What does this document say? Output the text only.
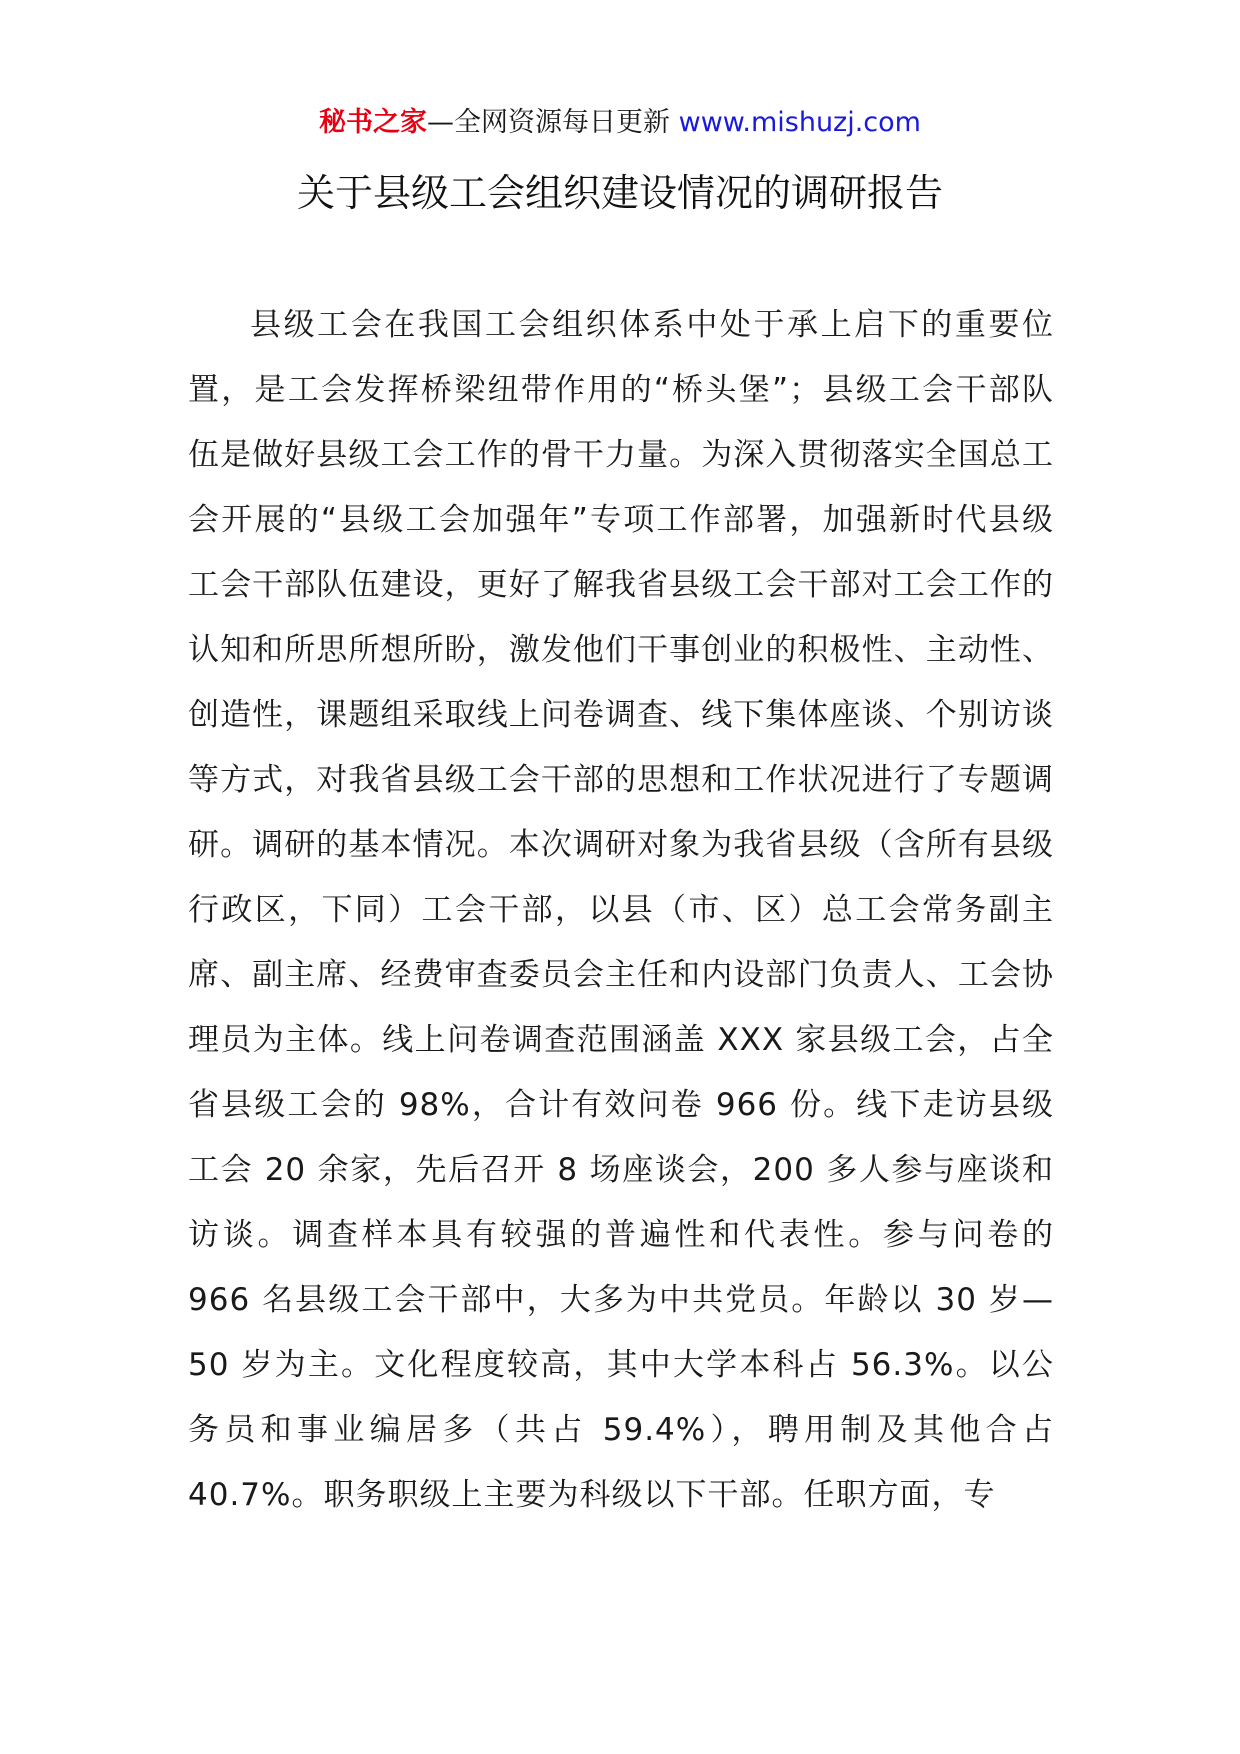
秘书之家—全网资源每日更新 www.mishuzj.com
关于县级工会组织建设情况的调研报告

县级工会在我国工会组织体系中处于承上启下的重要位置，是工会发挥桥梁纽带作用的“桥头堡”；县级工会干部队伍是做好县级工会工作的骨干力量。为深入贯彻落实全国总工会开展的“县级工会加强年”专项工作部署，加强新时代县级工会干部队伍建设，更好了解我省县级工会干部对工会工作的认知和所思所想所盼，激发他们干事创业的积极性、主动性、创造性，课题组采取线上问卷调查、线下集体座谈、个别访谈等方式，对我省县级工会干部的思想和工作状况进行了专题调研。调研的基本情况。本次调研对象为我省县级（含所有县级行政区，下同）工会干部，以县（市、区）总工会常务副主席、副主席、经费审查委员会主任和内设部门负责人、工会协理员为主体。线上问卷调查范围涵盖 XXX 家县级工会，占全省县级工会的 98%，合计有效问卷 966 份。线下走访县级工会 20 余家，先后召开 8 场座谈会，200 多人参与座谈和访谈。调查样本具有较强的普遍性和代表性。参与问卷的 966 名县级工会干部中，大多为中共党员。年龄以 30 岁—50 岁为主。文化程度较高，其中大学本科占 56.3%。以公务员和事业编居多（共占 59.4%），聘用制及其他合占 40.7%。职务职级上主要为科级以下干部。任职方面，专
